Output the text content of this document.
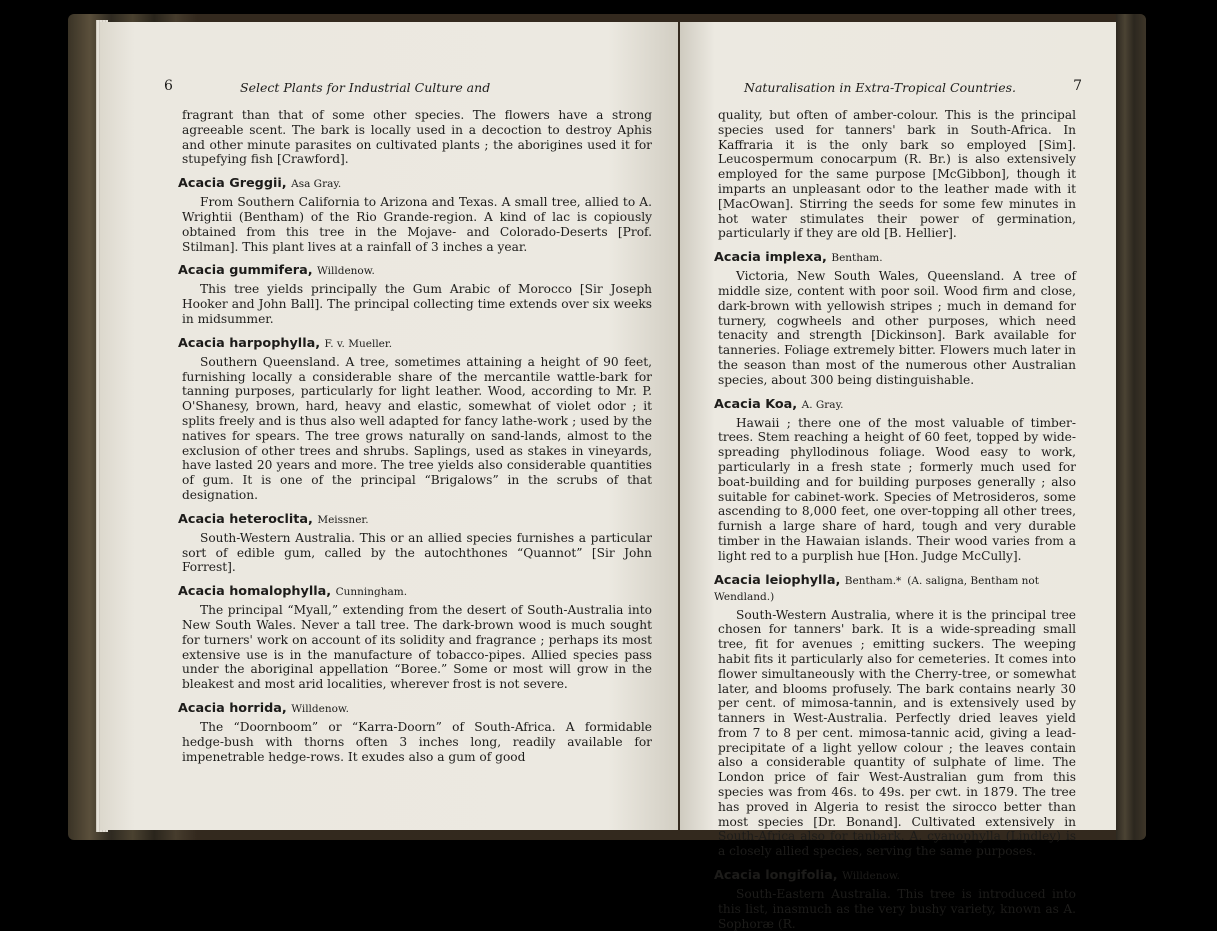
6	Select Plants for Industrial Culture and

fragrant than that of some other species. The flowers have a strong agreeable scent. The bark is locally used in a decoction to destroy Aphis and other minute parasites on cultivated plants ; the aborigines used it for stupefying fish [Crawford].

Acacia Greggii, Asa Gray.

From Southern California to Arizona and Texas. A small tree, allied to A. Wrightii (Bentham) of the Rio Grande-region. A kind of lac is copiously obtained from this tree in the Mojave- and Colorado-Deserts [Prof. Stilman]. This plant lives at a rainfall of 3 inches a year.

Acacia gummifera, Willdenow.

This tree yields principally the Gum Arabic of Morocco [Sir Joseph Hooker and John Ball]. The principal collecting time extends over six weeks in midsummer.

Acacia harpophylla, F. v. Mueller.

Southern Queensland. A tree, sometimes attaining a height of 90 feet, furnishing locally a considerable share of the mercantile wattle-bark for tanning purposes, particularly for light leather. Wood, according to Mr. P. O'Shanesy, brown, hard, heavy and elastic, somewhat of violet odor ; it splits freely and is thus also well adapted for fancy lathe-work ; used by the natives for spears. The tree grows naturally on sand-lands, almost to the exclusion of other trees and shrubs. Saplings, used as stakes in vineyards, have lasted 20 years and more. The tree yields also considerable quantities of gum. It is one of the principal “Brigalows” in the scrubs of that designation.

Acacia heteroclita, Meissner.

South-Western Australia. This or an allied species furnishes a particular sort of edible gum, called by the autochthones “Quannot” [Sir John Forrest].

Acacia homalophylla, Cunningham.

The principal “Myall,” extending from the desert of South-Australia into New South Wales. Never a tall tree. The dark-brown wood is much sought for turners' work on account of its solidity and fragrance ; perhaps its most extensive use is in the manufacture of tobacco-pipes. Allied species pass under the aboriginal appellation “Boree.” Some or most will grow in the bleakest and most arid localities, wherever frost is not severe.

Acacia horrida, Willdenow.

The “Doornboom” or “Karra-Doorn” of South-Africa. A formidable hedge-bush with thorns often 3 inches long, readily available for impenetrable hedge-rows. It exudes also a gum of good

Naturalisation in Extra-Tropical Countries.	7

quality, but often of amber-colour. This is the principal species used for tanners' bark in South-Africa. In Kaffraria it is the only bark so employed [Sim]. Leucospermum conocarpum (R. Br.) is also extensively employed for the same purpose [McGibbon], though it imparts an unpleasant odor to the leather made with it [MacOwan]. Stirring the seeds for some few minutes in hot water stimulates their power of germination, particularly if they are old [B. Hellier].

Acacia implexa, Bentham.

Victoria, New South Wales, Queensland. A tree of middle size, content with poor soil. Wood firm and close, dark-brown with yellowish stripes ; much in demand for turnery, cogwheels and other purposes, which need tenacity and strength [Dickinson]. Bark available for tanneries. Foliage extremely bitter. Flowers much later in the season than most of the numerous other Australian species, about 300 being distinguishable.

Acacia Koa, A. Gray.

Hawaii ; there one of the most valuable of timber-trees. Stem reaching a height of 60 feet, topped by wide-spreading phyllodinous foliage. Wood easy to work, particularly in a fresh state ; formerly much used for boat-building and for building purposes generally ; also suitable for cabinet-work. Species of Metrosideros, some ascending to 8,000 feet, one over-topping all other trees, furnish a large share of hard, tough and very durable timber in the Hawaian islands. Their wood varies from a light red to a purplish hue [Hon. Judge McCully].

Acacia leiophylla, Bentham.* (A. saligna, Bentham not Wendland.)

South-Western Australia, where it is the principal tree chosen for tanners' bark. It is a wide-spreading small tree, fit for avenues ; emitting suckers. The weeping habit fits it particularly also for cemeteries. It comes into flower simultaneously with the Cherry-tree, or somewhat later, and blooms profusely. The bark contains nearly 30 per cent. of mimosa-tannin, and is extensively used by tanners in West-Australia. Perfectly dried leaves yield from 7 to 8 per cent. mimosa-tannic acid, giving a lead-precipitate of a light yellow colour ; the leaves contain also a considerable quantity of sulphate of lime. The London price of fair West-Australian gum from this species was from 46s. to 49s. per cwt. in 1879. The tree has proved in Algeria to resist the sirocco better than most species [Dr. Bonand]. Cultivated extensively in South-Africa also for tanbark. A. cyanophylla (Lindley) is a closely allied species, serving the same purposes.

Acacia longifolia, Willdenow.

South-Eastern Australia. This tree is introduced into this list, inasmuch as the very bushy variety, known as A. Sophoræ (R.
